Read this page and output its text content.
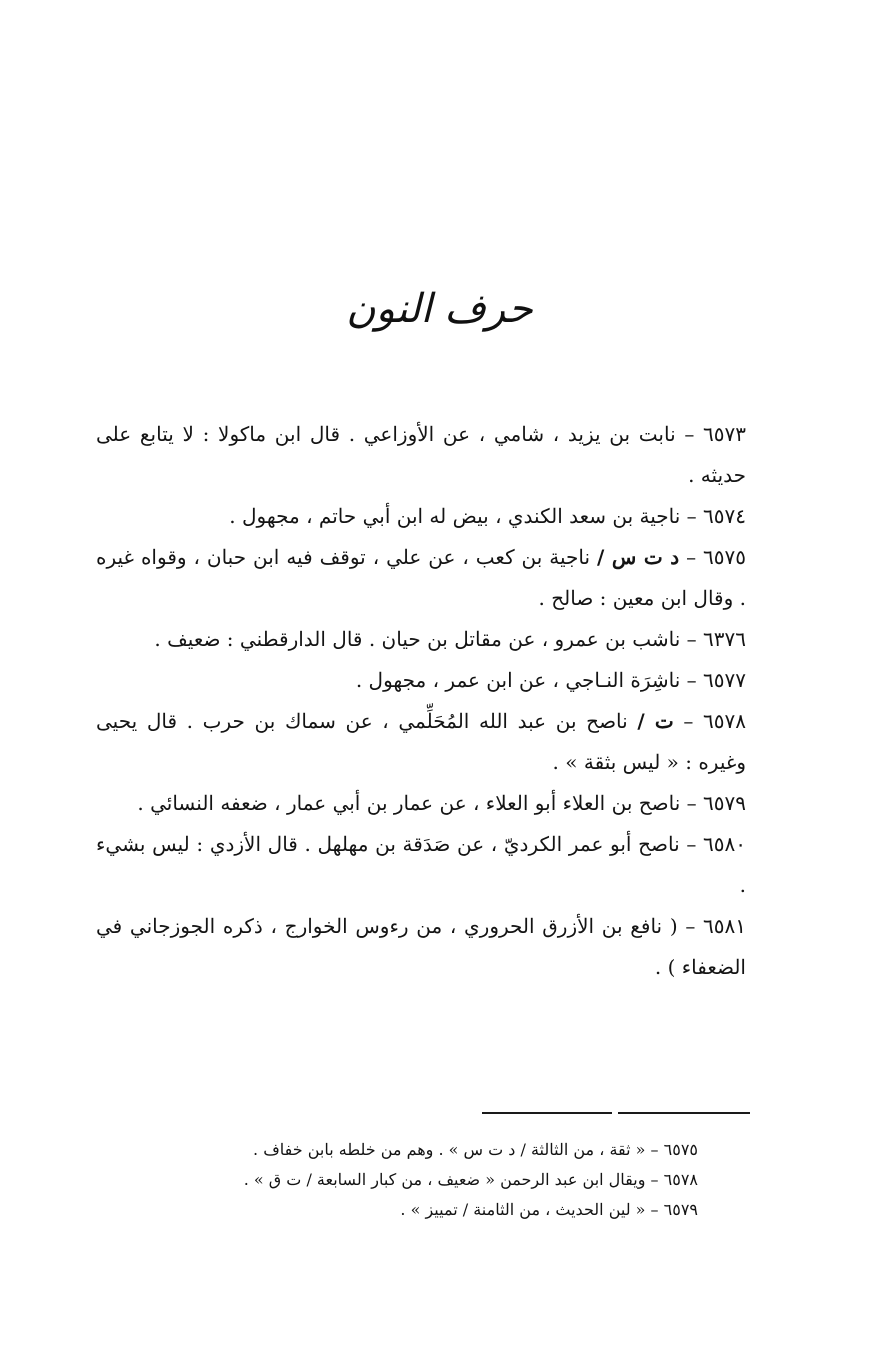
حرف النون

٦٥٧٣ – نابت بن يزيد ، شامي ، عن الأوزاعي . قال ابن ماكولا : لا يتابع على حديثه .

٦٥٧٤ – ناجية بن سعد الكندي ، بيض له ابن أبي حاتم ، مجهول .

٦٥٧٥ – د ت س / ناجية بن كعب ، عن علي ، توقف فيه ابن حبان ، وقواه غيره . وقال ابن معين : صالح .

٦٣٧٦ – ناشب بن عمرو ، عن مقاتل بن حيان . قال الدارقطني : ضعيف .

٦٥٧٧ – ناشِرَة النـاجي ، عن ابن عمر ، مجهول .

٦٥٧٨ – ت / ناصح بن عبد الله المُحَلِّمي ، عن سماك بن حرب . قال يحيى وغيره : « ليس بثقة » .

٦٥٧٩ – ناصح بن العلاء أبو العلاء ، عن عمار بن أبي عمار ، ضعفه النسائي .

٦٥٨٠ – ناصح أبو عمر الكرديّ ، عن صَدَقة بن مهلهل . قال الأزدي : ليس بشيء .

٦٥٨١ – ( نافع بن الأزرق الحروري ، من رءوس الخوارج ، ذكره الجوزجاني في الضعفاء ) .

٦٥٧٥ – « ثقة ، من الثالثة / د ت س » . وهم من خلطه بابن خفاف .

٦٥٧٨ – ويقال ابن عبد الرحمن « ضعيف ، من كبار السابعة / ت ق » .

٦٥٧٩ – « لين الحديث ، من الثامنة / تمييز » .
